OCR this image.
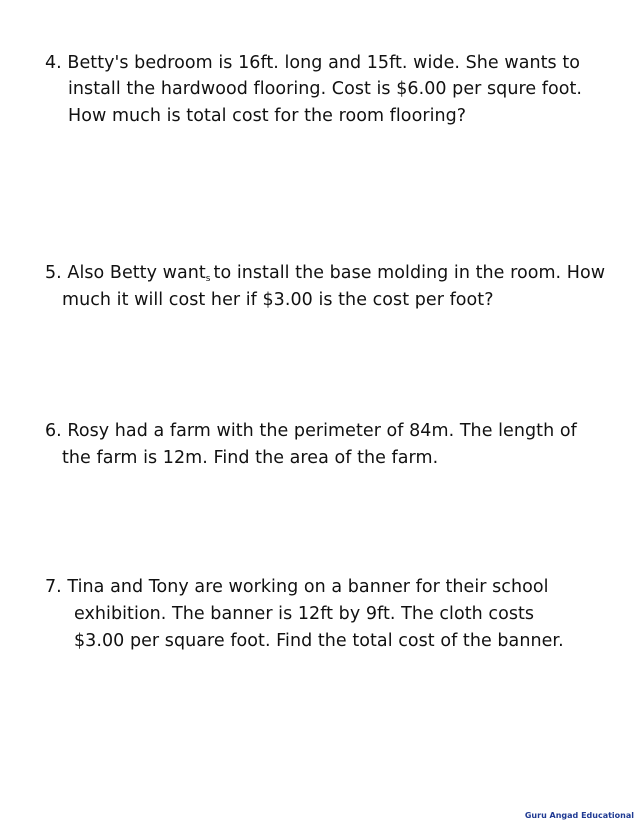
4. Betty's bedroom is 16ft. long and 15ft. wide. She wants to
install the hardwood flooring. Cost is $6.00 per squre foot.
How much is total cost for the room flooring?
5. Also Betty wants to install the base molding in the room. How
much it will cost her if $3.00 is the cost per foot?
6. Rosy had a farm with the perimeter of 84m. The length of
the farm is 12m. Find the area of the farm.
7. Tina and Tony are working on a banner for their school
exhibition. The banner is 12ft by 9ft. The cloth costs
$3.00 per square foot. Find the total cost of the banner.
Guru Angad Educational
